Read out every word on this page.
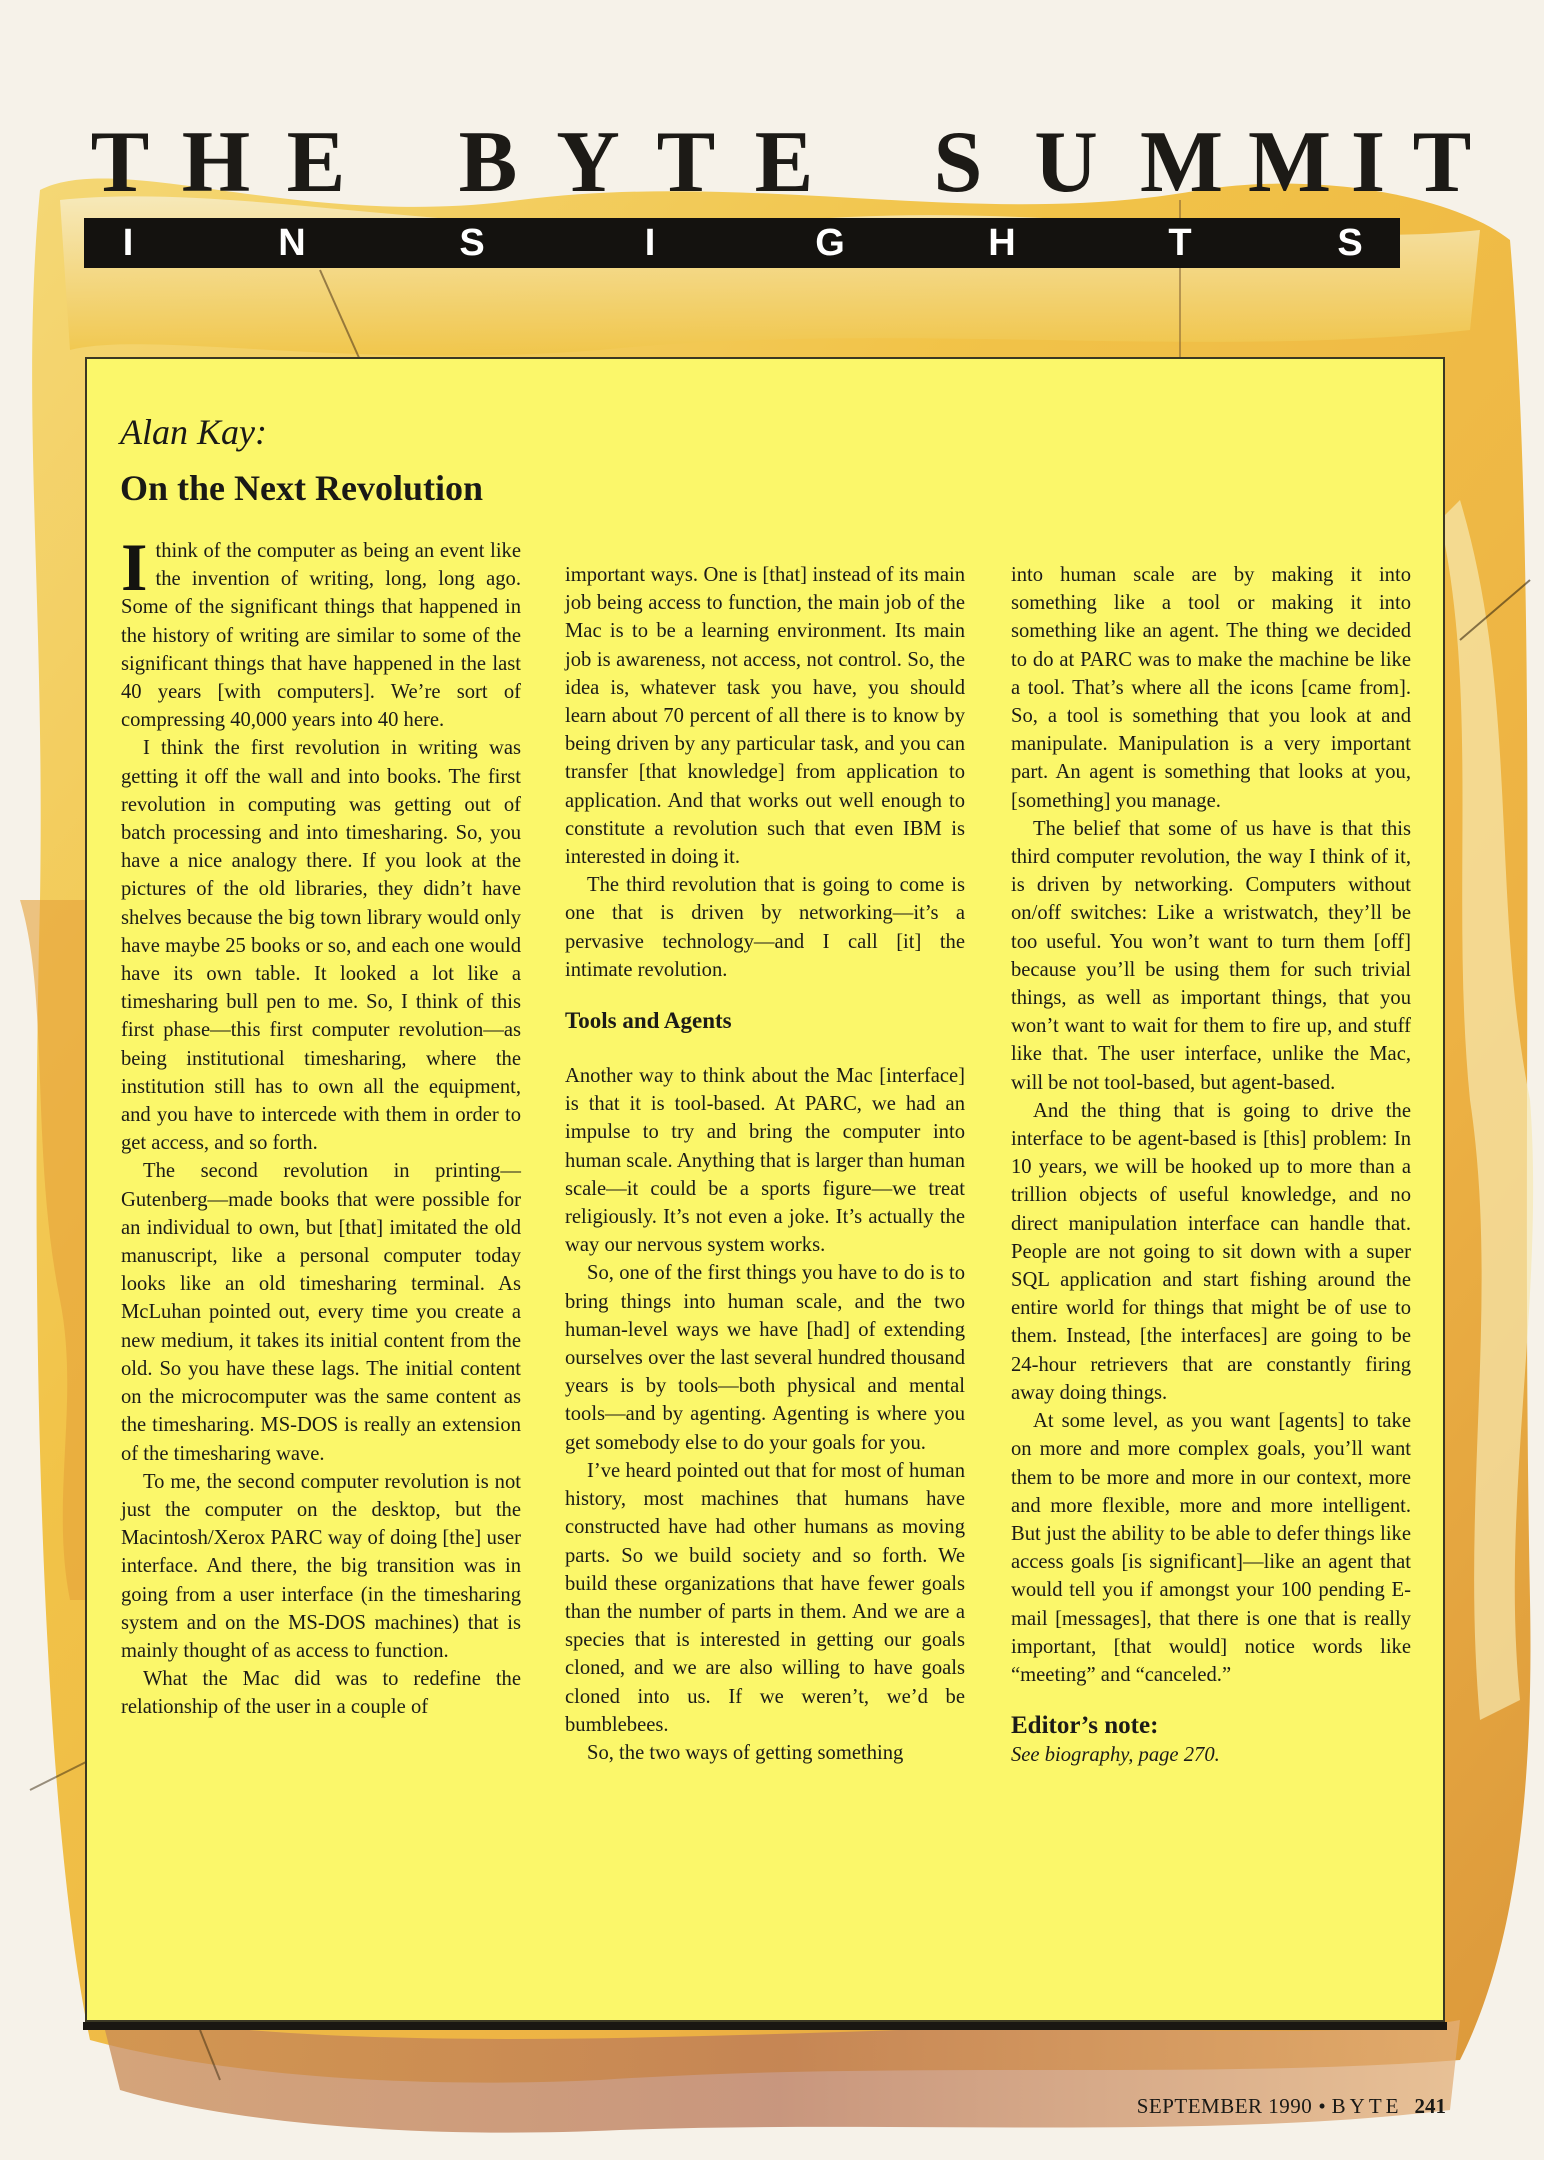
T H E B Y T E S U M M I T
I	N	S	I	G	H	T	S

Alan Kay:

On the Next Revolution

I think of the computer as being an event like the invention of writing, long, long ago. Some of the significant things that happened in the history of writing are similar to some of the significant things that have happened in the last 40 years [with computers]. We’re sort of compressing 40,000 years into 40 here.

I think the first revolution in writing was getting it off the wall and into books. The first revolution in computing was getting out of batch processing and into timesharing. So, you have a nice analogy there. If you look at the pictures of the old libraries, they didn’t have shelves because the big town library would only have maybe 25 books or so, and each one would have its own table. It looked a lot like a timesharing bull pen to me. So, I think of this first phase—this first computer revolution—as being institutional timesharing, where the institution still has to own all the equipment, and you have to intercede with them in order to get access, and so forth.

The second revolution in printing—Gutenberg—made books that were possible for an individual to own, but [that] imitated the old manuscript, like a personal computer today looks like an old timesharing terminal. As McLuhan pointed out, every time you create a new medium, it takes its initial content from the old. So you have these lags. The initial content on the microcomputer was the same content as the timesharing. MS-DOS is really an extension of the timesharing wave.

To me, the second computer revolution is not just the computer on the desktop, but the Macintosh/Xerox PARC way of doing [the] user interface. And there, the big transition was in going from a user interface (in the timesharing system and on the MS-DOS machines) that is mainly thought of as access to function.

What the Mac did was to redefine the relationship of the user in a couple of

important ways. One is [that] instead of its main job being access to function, the main job of the Mac is to be a learning environment. Its main job is awareness, not access, not control. So, the idea is, whatever task you have, you should learn about 70 percent of all there is to know by being driven by any particular task, and you can transfer [that knowledge] from application to application. And that works out well enough to constitute a revolution such that even IBM is interested in doing it.

The third revolution that is going to come is one that is driven by networking—it’s a pervasive technology—and I call [it] the intimate revolution.

Tools and Agents

Another way to think about the Mac [interface] is that it is tool-based. At PARC, we had an impulse to try and bring the computer into human scale. Anything that is larger than human scale—it could be a sports figure—we treat religiously. It’s not even a joke. It’s actually the way our nervous system works.

So, one of the first things you have to do is to bring things into human scale, and the two human-level ways we have [had] of extending ourselves over the last several hundred thousand years is by tools—both physical and mental tools—and by agenting. Agenting is where you get somebody else to do your goals for you.

I’ve heard pointed out that for most of human history, most machines that humans have constructed have had other humans as moving parts. So we build society and so forth. We build these organizations that have fewer goals than the number of parts in them. And we are a species that is interested in getting our goals cloned, and we are also willing to have goals cloned into us. If we weren’t, we’d be bumblebees.

So, the two ways of getting something

into human scale are by making it into something like a tool or making it into something like an agent. The thing we decided to do at PARC was to make the machine be like a tool. That’s where all the icons [came from]. So, a tool is something that you look at and manipulate. Manipulation is a very important part. An agent is something that looks at you, [something] you manage.

The belief that some of us have is that this third computer revolution, the way I think of it, is driven by networking. Computers without on/off switches: Like a wristwatch, they’ll be too useful. You won’t want to turn them [off] because you’ll be using them for such trivial things, as well as important things, that you won’t want to wait for them to fire up, and stuff like that. The user interface, unlike the Mac, will be not tool-based, but agent-based.

And the thing that is going to drive the interface to be agent-based is [this] problem: In 10 years, we will be hooked up to more than a trillion objects of useful knowledge, and no direct manipulation interface can handle that. People are not going to sit down with a super SQL application and start fishing around the entire world for things that might be of use to them. Instead, [the interfaces] are going to be 24-hour retrievers that are constantly firing away doing things.

At some level, as you want [agents] to take on more and more complex goals, you’ll want them to be more and more in our context, more and more flexible, more and more intelligent. But just the ability to be able to defer things like access goals [is significant]—like an agent that would tell you if amongst your 100 pending E-mail [messages], that there is one that is really important, [that would] notice words like “meeting” and “canceled.”

Editor’s note:

See biography, page 270.

SEPTEMBER 1990 • BYTE 241
